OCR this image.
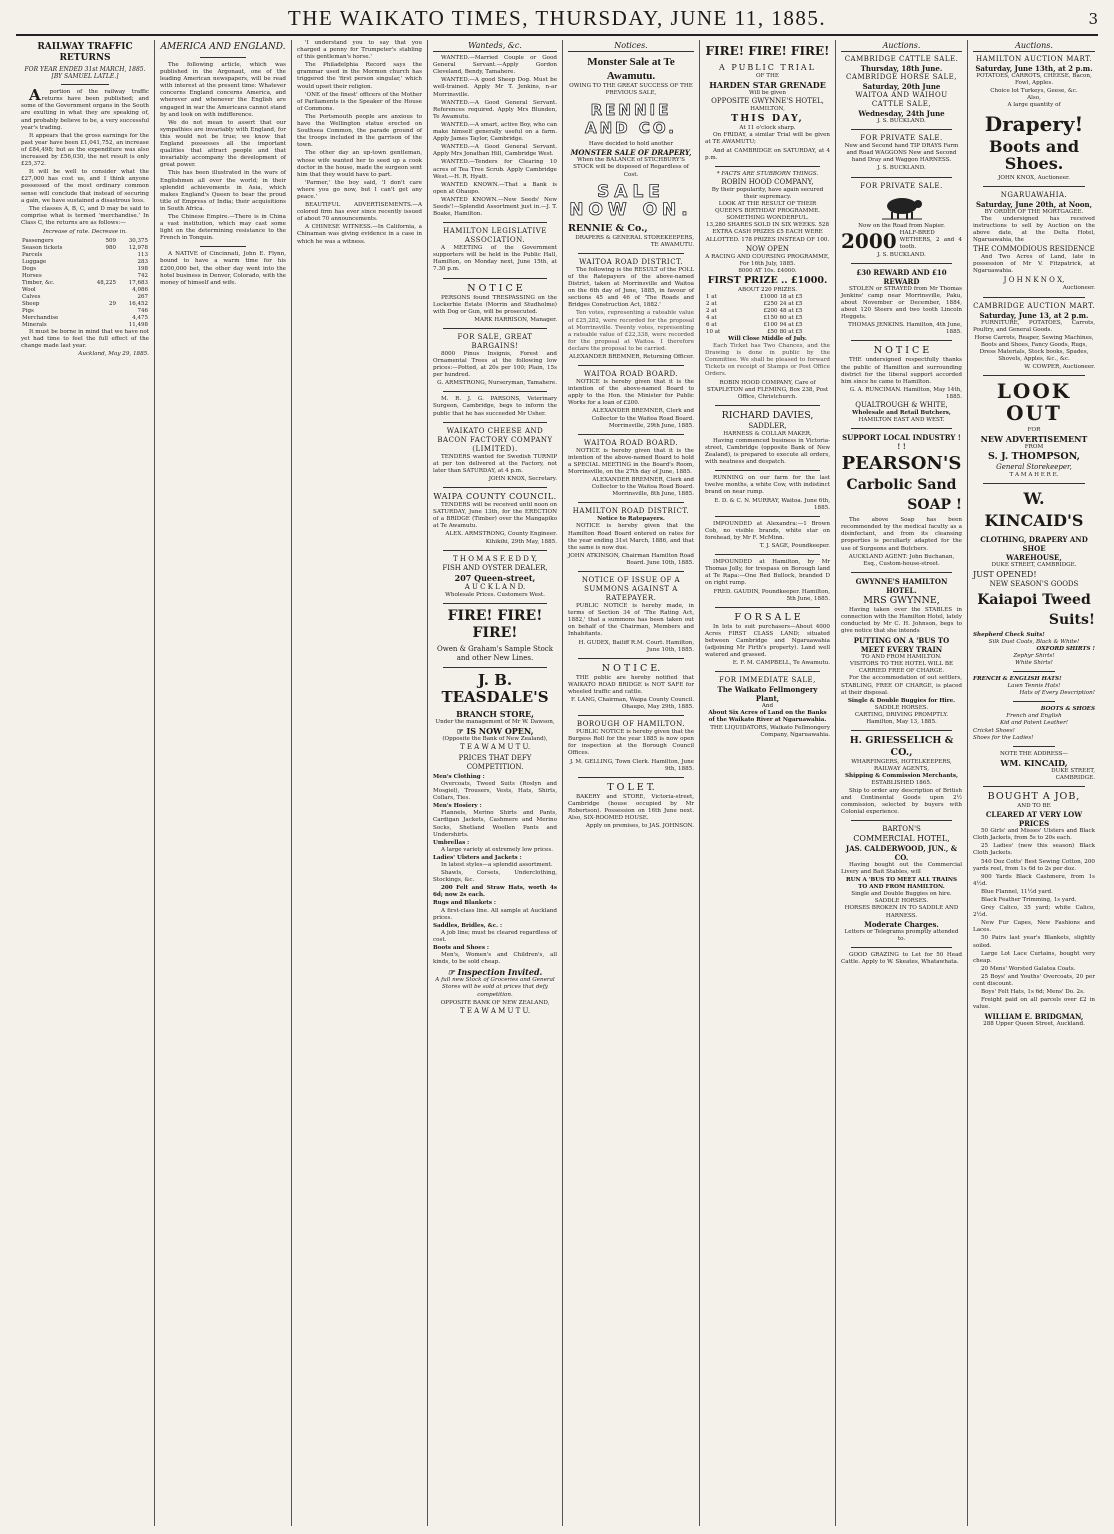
THE WAIKATO TIMES, THURSDAY, JUNE 11, 1885.	3
RAILWAY TRAFFIC RETURNS
FOR YEAR ENDED 31st MARCH, 1885.
[BY SAMUEL LATLE.]

Aportion of the railway traffic returns have been published; and some of the Government organs in the South are exulting in what they are speaking of, and probably believe to be, a very successful year's trading.

It appears that the gross earnings for the past year have been £1,041,752, an increase of £84,498; but as the expenditure was also increased by £56,030, the net result is only £25,372.

It will be well to consider what the £27,000 has cost us, and I think anyone possessed of the most ordinary common sense will conclude that instead of securing a gain, we have sustained a disastrous loss.

The classes A, B, C, and D may be said to comprise what is termed 'merchandise.' In Class C, the returns are as follows:—

Increase of rate. Decrease in.
Passengers	509	30,375
Season tickets	980	12,978
Parcels		113
Luggage		283
Dogs		198
Horses		742
Timber, &c.	48,225	17,683
Wool		4,086
Calves		267
Sheep	29	16,452
Pigs		746
Merchandise		4,475
Minerals		11,498

It must be borne in mind that we have not yet had time to feel the full effect of the change made last year.

Auckland, May 29, 1885.
AMERICA AND ENGLAND.

The following article, which was published in the Argonaut, one of the leading American newspapers, will be read with interest at the present time: Whatever concerns England concerns America, and wherever and whenever the English are engaged in war the Americans cannot stand by and look on with indifference.

We do not mean to assert that our sympathies are invariably with England, for this would not be true; we know that England possesses all the important qualities that attract people and that invariably accompany the development of great power.

This has been illustrated in the wars of Englishmen all over the world; in their splendid achievements in Asia, which makes England's Queen to bear the proud title of Empress of India; their acquisitions in South Africa.

The Chinese Empire.—There is in China a vast institution, which may cast some light on the determining resistance to the French in Tonquin.

A NATIVE of Cincinnati, John E. Flynn, bound to have a warm time for his £200,000 bet, the other day went into the hotel business in Denver, Colorado, with the money of himself and wife.

'I understand you to say that you charged a penny for Trumpeter's stabling of this gentleman's horse.'

The Philadelphia Record says the grammar used in the Mormon church has triggered the 'first person singular,' which would upset their religion.

'ONE of the finest' officers of the Mother of Parliaments is the Speaker of the House of Commons.

The Portsmouth people are anxious to have the Wellington statue erected on Southsea Common, the parade ground of the troops included in the garrison of the town.

The other day an up-town gentleman, whose wife wanted her to seed up a cook doctor in the house, made the surgeon sent him that they would have to part.

'Parmer,' the boy said, 'I don't care where you go now, but I can't get any peace.'

BEAUTIFUL ADVERTISEMENTS.—A colored firm has ever since recently issued of about 70 announcements.

A CHINESE WITNESS.—In California, a Chinaman was giving evidence in a case in which he was a witness.

Wanteds, &c.

WANTED.—Married Couple or Good General Servant.—Apply Gordon Cleveland, Bendy, Tamahere.

WANTED.—A good Sheep Dog. Must be well-trained. Apply Mr T. Jenkins, n-ar Morrinsville.

WANTED.—A Good General Servant. References required. Apply Mrs Blunden, Te Awamutu.

WANTED.—A smart, active Boy, who can make himself generally useful on a farm. Apply James Taylor, Cambridge.

WANTED.—A Good General Servant. Apply Mrs Jonathan Hill, Cambridge West.

WANTED.—Tenders for Clearing 10 acres of Tea Tree Scrub. Apply Cambridge West.—H. R. Hyatt.

WANTED KNOWN.—That a Bank is open at Ohaupo.

WANTED KNOWN.—New Seeds' New Seeds'!—Splendid Assortment just in.—J. T. Boake, Hamilton.

HAMILTON LEGISLATIVE ASSOCIATION.

A MEETING of the Government supporters will be held in the Public Hall, Hamilton, on Monday next, June 15th, at 7.30 p.m.

N O T I C E

PERSONS found TRESPASSING on the Lockerbie Estate (Morrin and Studholme) with Dog or Gun, will be prosecuted.

MARK HARRISON, Manager.
FOR SALE, GREAT BARGAINS!

8000 Pinus Insignis, Forest and Ornamental Trees at the following low prices:—Potted, at 20s per 100; Plain, 15s per hundred.

G. ARMSTRONG, Nurseryman, Tamahere.

M. R. J. G. PARSONS, Veterinary Surgeon, Cambridge, begs to inform the public that he has succeeded Mr Usher.

WAIKATO CHEESE AND BACON FACTORY COMPANY (LIMITED).

TENDERS wanted for Swedish TURNIP at per ton delivered at the Factory, not later than SATURDAY, at 4 p.m.

JOHN KNOX, Secretary.
WAIPA COUNTY COUNCIL.

TENDERS will be received until noon on SATURDAY, June 13th, for the ERECTION of a BRIDGE (Timber) over the Mangapiko at Te Awamutu.

ALEX. ARMSTRONG, County Engineer. Kihikihi, 29th May, 1885.
T H O M A S F. E D D Y,
FISH AND OYSTER DEALER,
207 Queen-street,
A U C K L A N D.
Wholesale Prices. Customers West.
FIRE! FIRE! FIRE!
Owen & Graham's Sample Stock and other New Lines.
J. B. TEASDALE'S
BRANCH STORE,
Under the management of Mr W. Dawson,
☞ IS NOW OPEN,
(Opposite the Bank of New Zealand),
T E A W A M U T U.
PRICES THAT DEFY COMPETITION.
Men's Clothing :

Overcoats, Tweed Suits (Roslyn and Mosgiel), Trousers, Vests, Hats, Shirts, Collars, Ties.

Men's Hosiery :

Flannels, Merino Shirts and Pants, Cardigan Jackets, Cashmere and Merino Socks, Shetland Woollen Pants and Undershirts.

Umbrellas :

A large variety at extremely low prices.

Ladies' Ulsters and Jackets :

In latest styles—a splendid assortment.

Shawls, Corsets, Underclothing, Stockings, &c.

200 Felt and Straw Hats, worth 4s 6d; now 2s each.

Rugs and Blankets :

A first-class line. All sample at Auckland prices.

Saddles, Bridles, &c. :

A job line; must be cleared regardless of cost.

Boots and Shoes :

Men's, Women's and Children's, all kinds, to be sold cheap.

☞ Inspection Invited.

A full new Stock of Groceries and General Stores will be sold at prices that defy competition.

OPPOSITE BANK OF NEW ZEALAND,
T E A W A M U T U.
Notices.
Monster Sale at Te Awamutu.
OWING TO THE GREAT SUCCESS OF THE PREVIOUS SALE,
RENNIE AND CO.
Have decided to hold another
MONSTER SALE OF DRAPERY,

When the BALANCE of STICHBURY'S STOCK will be disposed of Regardless of Cost.

SALE NOW ON.
RENNIE & Co.,
DRAPERS & GENERAL STOREKEEPERS, TE AWAMUTU.
WAITOA ROAD DISTRICT.

The following is the RESULT of the POLL of the Ratepayers of the above-named District, taken at Morrinsville and Waitoa on the 6th day of June, 1885, in favour of sections 45 and 46 of 'The Roads and Bridges Construction Act, 1882.'

Ten votes, representing a rateable value of £25,282, were recorded for the proposal at Morrinsville. Twenty votes, representing a rateable value of £22,338, were recorded for the proposal at Waitoa. I therefore declare the proposal to be carried.

ALEXANDER BREMNER, Returning Officer.
WAITOA ROAD BOARD.

NOTICE is hereby given that it is the intention of the above-named Board to apply to the Hon. the Minister for Public Works for a loan of £200.

ALEXANDER BREMNER, Clerk and Collector to the Waitoa Road Board. Morrinsville, 29th June, 1885.
WAITOA ROAD BOARD.

NOTICE is hereby given that it is the intention of the above-named Board to hold a SPECIAL MEETING in the Board's Room, Morrinsville, on the 27th day of June, 1885.

ALEXANDER BREMNER, Clerk and Collector to the Waitoa Road Board. Morrinsville, 8th June, 1885.
HAMILTON ROAD DISTRICT.
Notice to Ratepayers.

NOTICE is hereby given that the Hamilton Road Board entered on rates for the year ending 31st March, 1886, and that the same is now due.

JOHN ATKINSON, Chairman Hamilton Road Board. June 10th, 1885.
NOTICE OF ISSUE OF A SUMMONS AGAINST A RATEPAYER.

PUBLIC NOTICE is hereby made, in terms of Section 34 of 'The Rating Act, 1882,' that a summons has been taken out on behalf of the Chairman, Members and Inhabitants.

H. GUDEX, Bailiff R.M. Court. Hamilton, June 10th, 1885.
N O T I C E.

THE public are hereby notified that WAIKATO ROAD BRIDGE is NOT SAFE for wheeled traffic and cattle.

F. LANG, Chairman, Waipa County Council. Ohaupo, May 29th, 1885.
BOROUGH OF HAMILTON.

PUBLIC NOTICE is hereby given that the Burgess Roll for the year 1885 is now open for inspection at the Borough Council Offices.

J. M. GELLING, Town Clerk. Hamilton, June 9th, 1885.
T O L E T.

BAKERY and STORE, Victoria-street, Cambridge (house occupied by Mr Robertson). Possession on 16th June next. Also, SIX-ROOMED HOUSE.

Apply on premises, to JAS. JOHNSON.
FIRE! FIRE! FIRE!
A PUBLIC TRIAL
OF THE
HARDEN STAR GRENADE
Will be given
OPPOSITE GWYNNE'S HOTEL,
HAMILTON,
THIS DAY,
At 11 o'clock sharp.

On FRIDAY, a similar Trial will be given at TE AWAMUTU;

And at CAMBRIDGE on SATURDAY, at 4 p.m.

* FACTS ARE STUBBORN THINGS.
ROBIN HOOD COMPANY,
By their popularity, have again secured their supremacy.
LOOK AT THE RESULT OF THEIR QUEEN'S BIRTHDAY PROGRAMME. SOMETHING WONDERFUL.

13,280 SHARES SOLD IN SIX WEEKS. 528 EXTRA CASH PRIZES £5 EACH WERE ALLOTTED. 178 PRIZES INSTEAD OF 100.

NOW OPEN
A RACING AND COURSING PROGRAMME,
For 16th July, 1885.
8000 AT 10s. £4000.
FIRST PRIZE .. £1000.
ABOUT 220 PRIZES.
1 at	£1000	18 at £5
2 at	£250	24 at £5
2 at	£200	48 at £5
4 at	£150	60 at £5
6 at	£100	94 at £5
10 at	£50	80 at £5
Will Close Middle of July.

Each Ticket has Two Chances, and the Drawing is done in public by the Committee. We shall be pleased to forward Tickets on receipt of Stamps or Post Office Orders.

ROBIN HOOD COMPANY, Care of STAPLETON and FLEMING, Box 238, Post Office, Christchurch.
RICHARD DAVIES,
SADDLER,
HARNESS & COLLAR MAKER,

Having commenced business in Victoria-street, Cambridge (opposite Bank of New Zealand), is prepared to execute all orders, with neatness and despatch.

RUNNING on our farm for the last twelve months, a white Cow, with indistinct brand on near rump.

E. D. & C. N. MURRAY, Waitoa. June 6th, 1885.

IMPOUNDED at Alexandra:—1 Brown Cob, no visible brands, white star on forehead, by Mr F. McMinn.

T. J. SAGE, Poundkeeper.

IMPOUNDED at Hamilton, by Mr Thomas Jolly, for trespass on Borough land at Te Rapa:—One Red Bullock, branded D on right rump.

FRED. GAUDIN, Poundkeeper. Hamilton, 5th June, 1885.
F O R S A L E

In lots to suit purchasers—About 4000 Acres FIRST CLASS LAND; situated between Cambridge and Ngaruawahia (adjoining Mr Firth's property). Land well watered and grassed.

E. F. M. CAMPBELL, Te Awamutu.
FOR IMMEDIATE SALE,
The Waikato Fellmongery Plant,
And
About Six Acres of Land on the Banks of the Waikato River at Ngaruawahia.
THE LIQUIDATORS, Waikato Fellmongery Company, Ngaruawahia.
Auctions.
CAMBRIDGE CATTLE SALE.
Thursday, 18th June.
CAMBRIDGE HORSE SALE,
Saturday, 20th June
WAITOA AND WAIHOU CATTLE SALE,
Wednesday, 24th June
J. S. BUCKLAND.
FOR PRIVATE SALE.

New and Second hand TIP DRAYS Farm and Road WAGGONS New and Second hand Dray and Waggon HARNESS.

J. S. BUCKLAND.
FOR PRIVATE SALE.
Now on the Road from Napier.
2000 HALF-BRED WETHERS, 2 and 4 tooth.
J. S. BUCKLAND.
£30 REWARD AND £10 REWARD

STOLEN or STRAYED from Mr Thomas Jenkins' camp near Morrinsville, Paku, about November or December, 1884, about 120 Steers and two tooth Lincoln Heggets.

THOMAS JENKINS. Hamilton, 4th June, 1885.
N O T I C E

THE undersigned respectfully thanks the public of Hamilton and surrounding district for the liberal support accorded him since he came to Hamilton.

G. A. RUNCIMAN. Hamilton, May 14th, 1885.
QUALTROUGH & WHITE,
Wholesale and Retail Butchers,
HAMILTON EAST AND WEST.
SUPPORT LOCAL INDUSTRY ! ! !
PEARSON'S
Carbolic Sand
SOAP !

The above Soap has been recommended by the medical faculty as a disinfectant, and from its cleansing properties is peculiarly adapted for the use of Surgeons and Butchers.

AUCKLAND AGENT: John Buchanan, Esq., Custom-house-street.
GWYNNE'S HAMILTON HOTEL.
MRS GWYNNE,

Having taken over the STABLES in connection with the Hamilton Hotel, lately conducted by Mr C. H. Johnson, begs to give notice that she intends

PUTTING ON A 'BUS TO MEET EVERY TRAIN
TO AND FROM HAMILTON.
VISITORS TO THE HOTEL WILL BE CARRIED FREE OF CHARGE.

For the accommodation of out settlers, STABLING, FREE OF CHARGE, is placed at their disposal.

Single & Double Buggies for Hire.
SADDLE HORSES.
CARTING, DRIVING PROMPTLY. Hamilton, May 13, 1885.
H. GRIESSELICH & CO.,
WHARFINGERS, HOTELKEEPERS, RAILWAY AGENTS,
Shipping & Commission Merchants,
ESTABLISHED 1865.

Ship to order any description of British and Continental Goods upon 2½ commission, selected by buyers with Colonial experience.

BARTON'S
COMMERCIAL HOTEL,
JAS. CALDERWOOD, JUN., & CO.

Having bought out the Commercial Livery and Bait Stables, will

RUN A 'BUS TO MEET ALL TRAINS TO AND FROM HAMILTON.
Single and Double Buggies on hire.
SADDLE HORSES.
HORSES BROKEN IN TO SADDLE AND HARNESS.
Moderate Charges.
Letters or Telegrams promptly attended to.

GOOD GRAZING to Let for 50 Head Cattle. Apply to W. Skeates, Whatawhata.

Auctions.
HAMILTON AUCTION MART.
Saturday, June 13th, at 2 p.m.

POTATOES, CARROTS, CHEESE, Bacon, Fowl, Apples.

Choice lot Turkeys, Geese, &c.
Also,
A large quantity of
Drapery!
Boots and Shoes.
JOHN KNOX, Auctioneer.
NGARUAWAHIA.
Saturday, June 20th, at Noon,
BY ORDER OF THE MORTGAGEE.

The undersigned has received instructions to sell by Auction on the above date, at the Delta Hotel, Ngaruawahia, the

THE COMMODIOUS RESIDENCE

And Two Acres of Land, late in possession of Mr V. Fitzpatrick, at Ngaruawahia.

J O H N K N O X,
Auctioneer.
CAMBRIDGE AUCTION MART.
Saturday, June 13, at 2 p.m.

FURNITURE, POTATOES, Carrots, Poultry, and General Goods.

Horse Carrots, Reaper, Sewing Machines, Boots and Shoes, Fancy Goods, Rugs, Dress Materials, Stock books, Spades, Shovels, Apples, &c., &c.

W. COWPER, Auctioneer.
LOOK OUT
FOR
NEW ADVERTISEMENT
FROM
S. J. THOMPSON,
General Storekeeper,
T A M A H E R E.
W. KINCAID'S
CLOTHING, DRAPERY AND SHOE
WAREHOUSE,
DUKE STREET, CAMBRIDGE.
JUST OPENED!
NEW SEASON'S GOODS
Kaiapoi Tweed
Suits!
Shepherd Check Suits!
Silk Dust Coats, Black & White!
OXFORD SHIRTS !
Zephyr Shirts!
White Shirts!
FRENCH & ENGLISH HATS!
Lawn Tennis Hats!
Hats of Every Description!
BOOTS & SHOES
French and English
Kid and Patent Leather!
Cricket Shoes!
Shoes for the Ladies!
NOTE THE ADDRESS—
WM. KINCAID,
DUKE STREET,
CAMBRIDGE.
BOUGHT A JOB,
AND TO BE
CLEARED AT VERY LOW PRICES

50 Girls' and Misses' Ulsters and Black Cloth Jackets, from 5s to 20s each.

25 Ladies' (new this season) Black Cloth Jackets.

540 Doz Cotts' Best Sewing Cotton, 200 yards reel, from 1s 6d to 2s per doz.

900 Yards Black Cashmere, from 1s 4½d.

Blue Flannel, 11½d yard.

Black Feather Trimming, 1s yard.

Grey Calico, 35 yard; white Calico, 2½d.

New Fur Capes, New Fashions and Laces.

50 Pairs last year's Blankets, slightly soiled.

Large Lot Lace Curtains, bought very cheap.

20 Mens' Worsted Galatea Coats.

25 Boys' and Youths' Overcoats, 20 per cent discount.

Boys' Felt Hats, 1s 6d; Mens' Do. 2s.

Freight paid on all parcels over £2 in value.

WILLIAM E. BRIDGMAN,
288 Upper Queen Street, Auckland.
